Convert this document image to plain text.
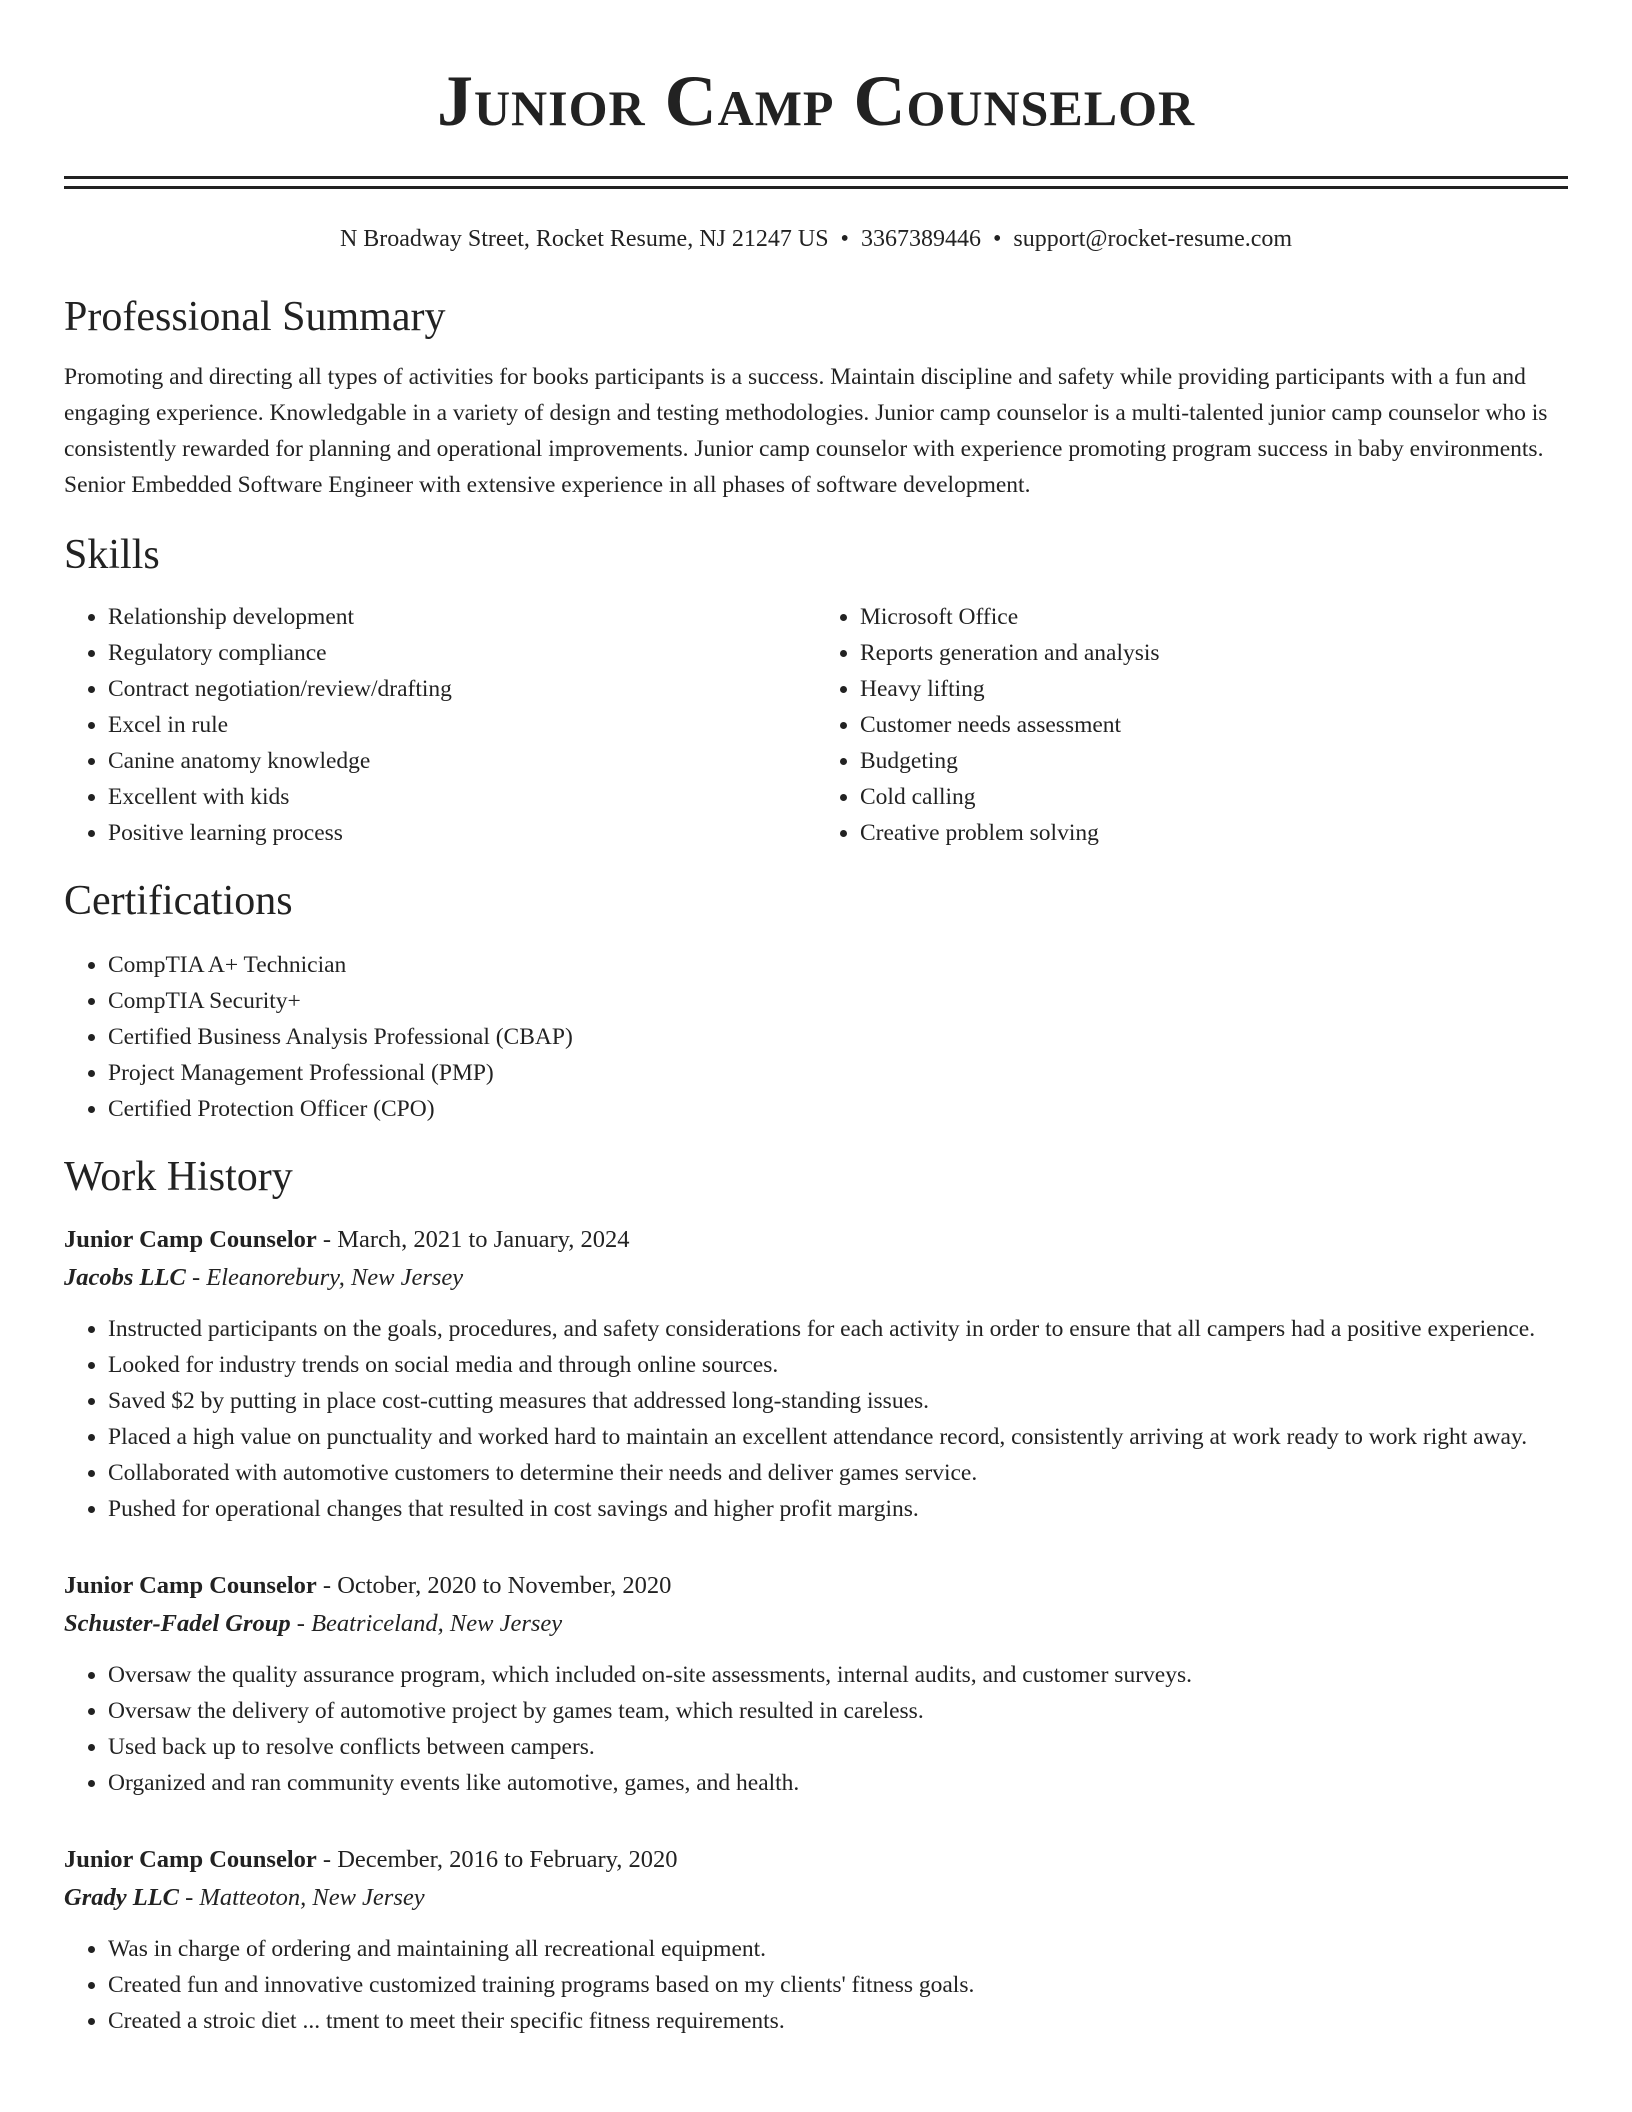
Junior Camp Counselor
N Broadway Street, Rocket Resume, NJ 21247 US • 3367389446 • support@rocket-resume.com
Professional Summary

Promoting and directing all types of activities for books participants is a success. Maintain discipline and safety while providing participants with a fun and engaging experience. Knowledgable in a variety of design and testing methodologies. Junior camp counselor is a multi-talented junior camp counselor who is consistently rewarded for planning and operational improvements. Junior camp counselor with experience promoting program success in baby environments. Senior Embedded Software Engineer with extensive experience in all phases of software development.

Skills
• Relationship development
• Regulatory compliance
• Contract negotiation/review/drafting
• Excel in rule
• Canine anatomy knowledge
• Excellent with kids
• Positive learning process
• Microsoft Office
• Reports generation and analysis
• Heavy lifting
• Customer needs assessment
• Budgeting
• Cold calling
• Creative problem solving
Certifications
• CompTIA A+ Technician
• CompTIA Security+
• Certified Business Analysis Professional (CBAP)
• Project Management Professional (PMP)
• Certified Protection Officer (CPO)
Work History
Junior Camp Counselor - March, 2021 to January, 2024
Jacobs LLC - Eleanorebury, New Jersey
• Instructed participants on the goals, procedures, and safety considerations for each activity in order to ensure that all campers had a positive experience.
• Looked for industry trends on social media and through online sources.
• Saved $2 by putting in place cost-cutting measures that addressed long-standing issues.
• Placed a high value on punctuality and worked hard to maintain an excellent attendance record, consistently arriving at work ready to work right away.
• Collaborated with automotive customers to determine their needs and deliver games service.
• Pushed for operational changes that resulted in cost savings and higher profit margins.
Junior Camp Counselor - October, 2020 to November, 2020
Schuster-Fadel Group - Beatriceland, New Jersey
• Oversaw the quality assurance program, which included on-site assessments, internal audits, and customer surveys.
• Oversaw the delivery of automotive project by games team, which resulted in careless.
• Used back up to resolve conflicts between campers.
• Organized and ran community events like automotive, games, and health.
Junior Camp Counselor - December, 2016 to February, 2020
Grady LLC - Matteoton, New Jersey
• Was in charge of ordering and maintaining all recreational equipment.
• Created fun and innovative customized training programs based on my clients' fitness goals.
• Created a stroic diet ... tment to meet their specific fitness requirements.
